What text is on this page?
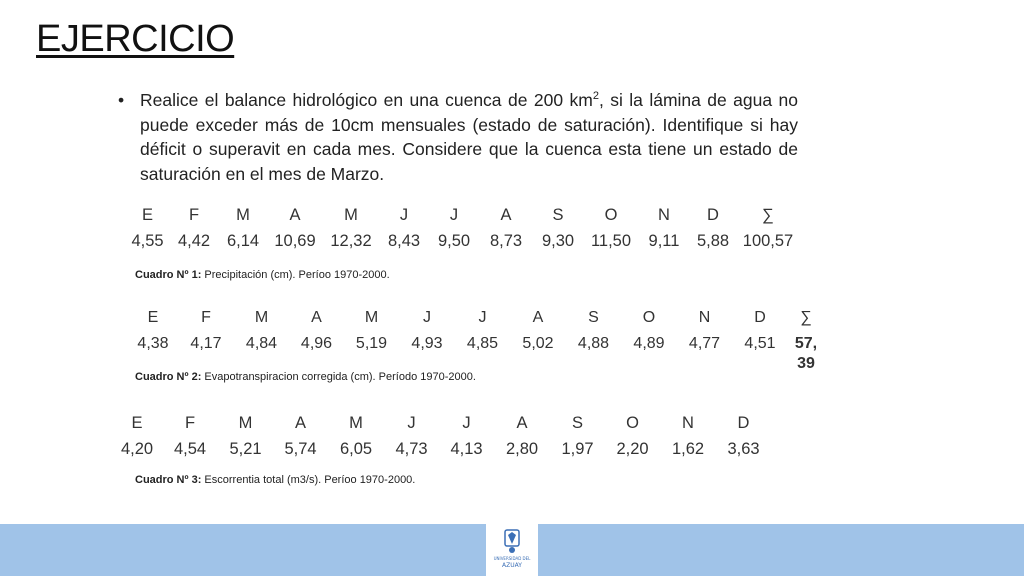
EJERCICIO
• Realice el balance hidrológico en una cuenca de 200 $km^2$, si la lámina de agua no puede exceder más de 10cm mensuales (estado de saturación). Identifique si hay déficit o superavit en cada mes. Considere que la cuenca esta tiene un estado de saturación en el mes de Marzo.
E	F	M	A	M	J	J	A	S	O	N	D	∑
4,55	4,42	6,14	10,69	12,32	8,43	9,50	8,73	9,30	11,50	9,11	5,88	100,57
Cuadro Nº 1: Precipitación (cm). Períoo 1970-2000.
E	F	M	A	M	J	J	A	S	O	N	D	∑
4,38	4,17	4,84	4,96	5,19	4,93	4,85	5,02	4,88	4,89	4,77	4,51	57,
												39
Cuadro Nº 2: Evapotranspiracion corregida (cm). Período 1970-2000.
E	F	M	A	M	J	J	A	S	O	N	D
4,20	4,54	5,21	5,74	6,05	4,73	4,13	2,80	1,97	2,20	1,62	3,63
Cuadro Nº 3: Escorrentia total (m3/s). Períoo 1970-2000.
UNIVERSIDAD DEL
AZUAY
